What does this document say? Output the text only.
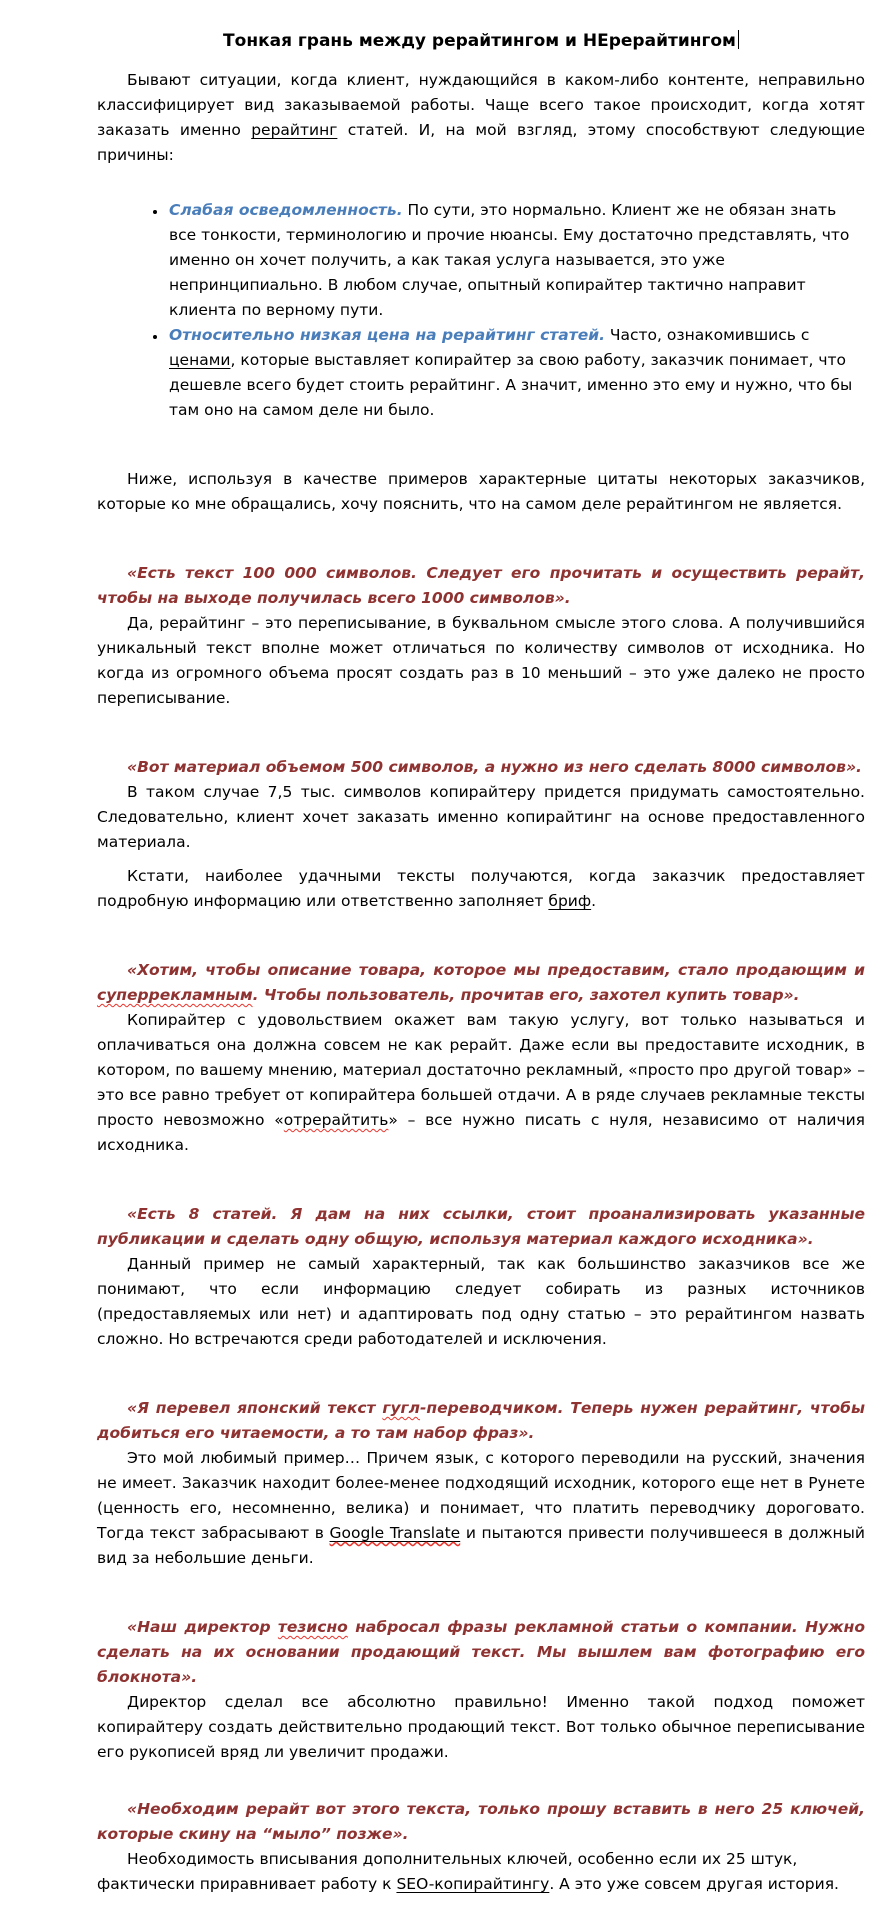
Тонкая грань между рерайтингом и НЕрерайтингом

Бывают ситуации, когда клиент, нуждающийся в каком-либо контенте, неправильно классифицирует вид заказываемой работы. Чаще всего такое происходит, когда хотят заказать именно рерайтинг статей. И, на мой взгляд, этому способствуют следующие причины:

• Слабая осведомленность. По сути, это нормально. Клиент же не обязан знать все тонкости, терминологию и прочие нюансы. Ему достаточно представлять, что именно он хочет получить, а как такая услуга называется, это уже непринципиально. В любом случае, опытный копирайтер тактично направит клиента по верному пути.
• Относительно низкая цена на рерайтинг статей. Часто, ознакомившись с ценами, которые выставляет копирайтер за свою работу, заказчик понимает, что дешевле всего будет стоить рерайтинг. А значит, именно это ему и нужно, что бы там оно на самом деле ни было.

Ниже, используя в качестве примеров характерные цитаты некоторых заказчиков, которые ко мне обращались, хочу пояснить, что на самом деле рерайтингом не является.

«Есть текст 100 000 символов. Следует его прочитать и осуществить рерайт, чтобы на выходе получилась всего 1000 символов».

Да, рерайтинг – это переписывание, в буквальном смысле этого слова. А получившийся уникальный текст вполне может отличаться по количеству символов от исходника. Но когда из огромного объема просят создать раз в 10 меньший – это уже далеко не просто переписывание.

«Вот материал объемом 500 символов, а нужно из него сделать 8000 символов».

В таком случае 7,5 тыс. символов копирайтеру придется придумать самостоятельно. Следовательно, клиент хочет заказать именно копирайтинг на основе предоставленного материала.

Кстати, наиболее удачными тексты получаются, когда заказчик предоставляет подробную информацию или ответственно заполняет бриф.

«Хотим, чтобы описание товара, которое мы предоставим, стало продающим и суперрекламным. Чтобы пользователь, прочитав его, захотел купить товар».

Копирайтер с удовольствием окажет вам такую услугу, вот только называться и оплачиваться она должна совсем не как рерайт. Даже если вы предоставите исходник, в котором, по вашему мнению, материал достаточно рекламный, «просто про другой товар» – это все равно требует от копирайтера большей отдачи. А в ряде случаев рекламные тексты просто невозможно «отрерайтить» – все нужно писать с нуля, независимо от наличия исходника.

«Есть 8 статей. Я дам на них ссылки, стоит проанализировать указанные публикации и сделать одну общую, используя материал каждого исходника».

Данный пример не самый характерный, так как большинство заказчиков все же понимают, что если информацию следует собирать из разных источников (предоставляемых или нет) и адаптировать под одну статью – это рерайтингом назвать сложно. Но встречаются среди работодателей и исключения.

«Я перевел японский текст гугл-переводчиком. Теперь нужен рерайтинг, чтобы добиться его читаемости, а то там набор фраз».

Это мой любимый пример… Причем язык, с которого переводили на русский, значения не имеет. Заказчик находит более-менее подходящий исходник, которого еще нет в Рунете (ценность его, несомненно, велика) и понимает, что платить переводчику дороговато. Тогда текст забрасывают в Google Translate и пытаются привести получившееся в должный вид за небольшие деньги.

«Наш директор тезисно набросал фразы рекламной статьи о компании. Нужно сделать на их основании продающий текст. Мы вышлем вам фотографию его блокнота».

Директор сделал все абсолютно правильно! Именно такой подход поможет копирайтеру создать действительно продающий текст. Вот только обычное переписывание его рукописей вряд ли увеличит продажи.

«Необходим рерайт вот этого текста, только прошу вставить в него 25 ключей, которые скину на “мыло” позже».

Необходимость вписывания дополнительных ключей, особенно если их 25 штук, фактически приравнивает работу к SEO-копирайтингу. А это уже совсем другая история.
